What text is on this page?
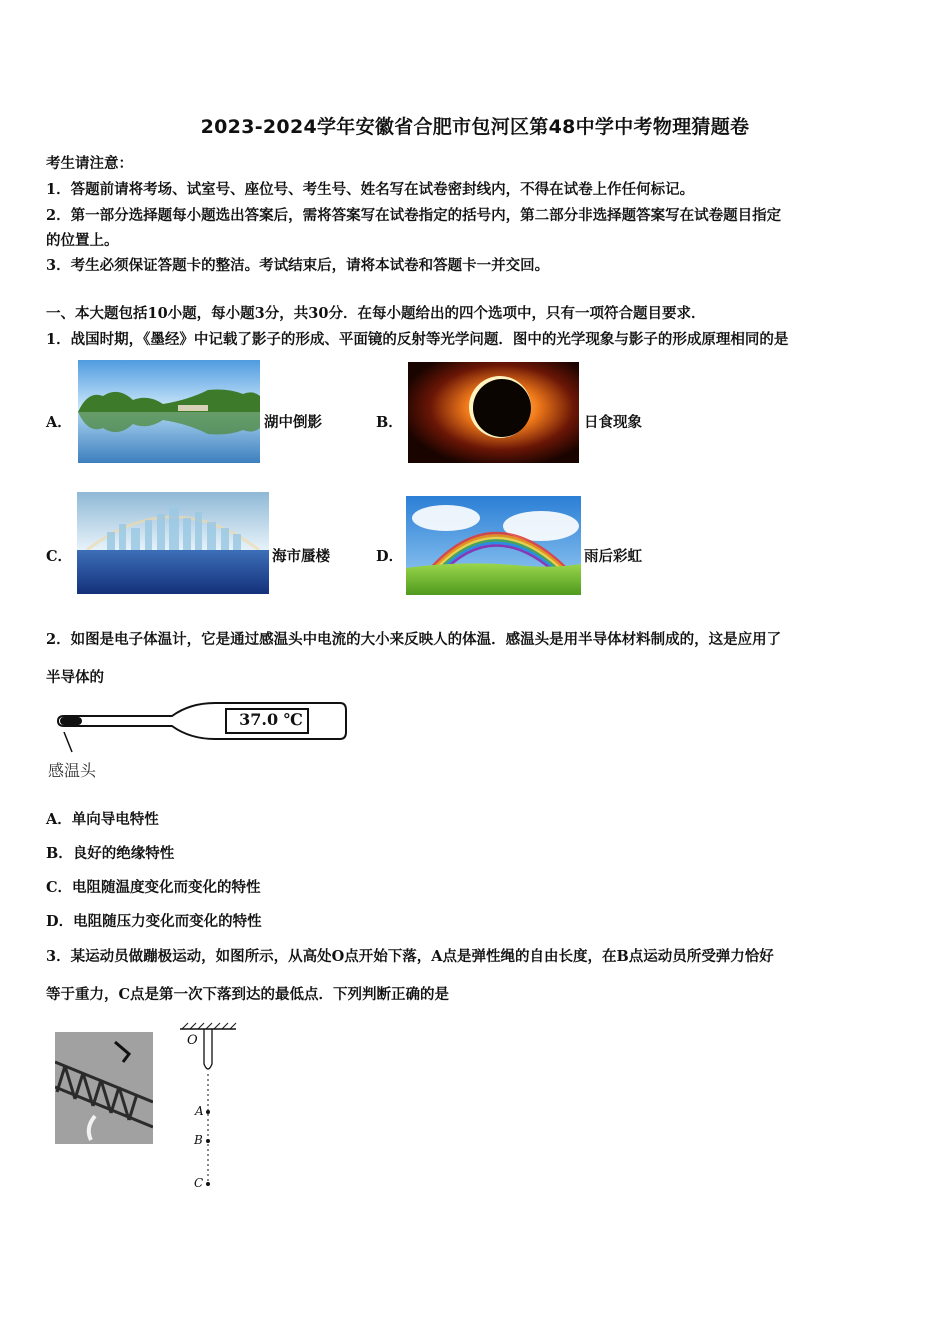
2023-2024学年安徽省合肥市包河区第48中学中考物理猜题卷
考生请注意：
1．答题前请将考场、试室号、座位号、考生号、姓名写在试卷密封线内，不得在试卷上作任何标记。
2．第一部分选择题每小题选出答案后，需将答案写在试卷指定的括号内，第二部分非选择题答案写在试卷题目指定
的位置上。
3．考生必须保证答题卡的整洁。考试结束后，请将本试卷和答题卡一并交回。
一、本大题包括10小题，每小题3分，共30分．在每小题给出的四个选项中，只有一项符合题目要求．
1．战国时期，《墨经》中记载了影子的形成、平面镜的反射等光学问题．图中的光学现象与影子的形成原理相同的是
A．	湖中倒影	B．	日食现象
C．	海市蜃楼	D．	雨后彩虹
2．如图是电子体温计，它是通过感温头中电流的大小来反映人的体温．感温头是用半导体材料制成的，这是应用了
半导体的
37.0 ℃
感温头
A．单向导电特性
B．良好的绝缘特性
C．电阻随温度变化而变化的特性
D．电阻随压力变化而变化的特性
3．某运动员做蹦极运动，如图所示，从高处O点开始下落，A点是弹性绳的自由长度，在B点运动员所受弹力恰好
等于重力，C点是第一次下落到达的最低点．下列判断正确的是
O
A
B
C
